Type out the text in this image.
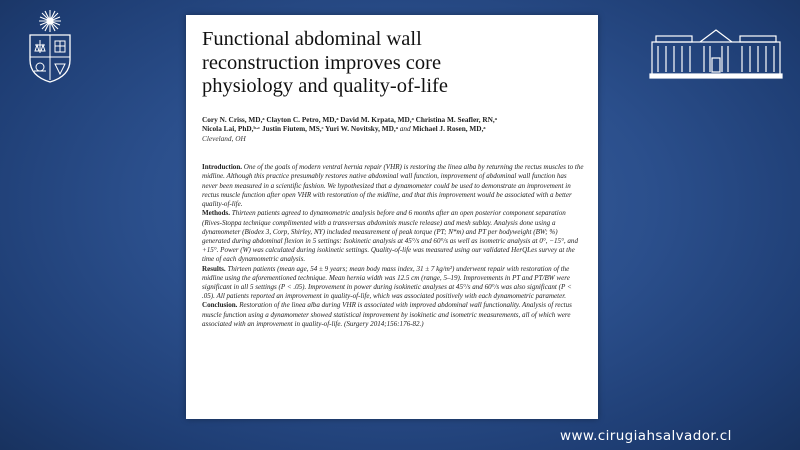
Functional abdominal wall reconstruction improves core physiology and quality-of-life
Cory N. Criss, MD,ᵃ Clayton C. Petro, MD,ᵃ David M. Krpata, MD,ᵃ Christina M. Seafler, RN,ᵃ
Nicola Lai, PhD,ᵇ·ᶜ Justin Fiutem, MS,ᶜ Yuri W. Novitsky, MD,ᵃ and Michael J. Rosen, MD,ᵃ
Cleveland, OH

Introduction. One of the goals of modern ventral hernia repair (VHR) is restoring the linea alba by returning the rectus muscles to the midline. Although this practice presumably restores native abdominal wall function, improvement of abdominal wall function has never been measured in a scientific fashion. We hypothesized that a dynamometer could be used to demonstrate an improvement in rectus muscle function after open VHR with restoration of the midline, and that this improvement would be associated with a better quality-of-life.

Methods. Thirteen patients agreed to dynamometric analysis before and 6 months after an open posterior component separation (Rives-Stoppa technique complimented with a transversus abdominis muscle release) and mesh sublay. Analysis done using a dynamometer (Biodex 3, Corp, Shirley, NY) included measurement of peak torque (PT; N*m) and PT per bodyweight (BW; %) generated during abdominal flexion in 5 settings: Isokinetic analysis at 45°/s and 60°/s as well as isometric analysis at 0°, −15°, and +15°. Power (W) was calculated during isokinetic settings. Quality-of-life was measured using our validated HerQLes survey at the time of each dynamometric analysis.

Results. Thirteen patients (mean age, 54 ± 9 years; mean body mass index, 31 ± 7 kg/m²) underwent repair with restoration of the midline using the aforementioned technique. Mean hernia width was 12.5 cm (range, 5–19). Improvements in PT and PT/BW were significant in all 5 settings (P < .05). Improvement in power during isokinetic analyses at 45°/s and 60°/s was also significant (P < .05). All patients reported an improvement in quality-of-life, which was associated positively with each dynamometric parameter.

Conclusion. Restoration of the linea alba during VHR is associated with improved abdominal wall functionality. Analysis of rectus muscle function using a dynamometer showed statistical improvement by isokinetic and isometric measurements, all of which were associated with an improvement in quality-of-life. (Surgery 2014;156:176-82.)

www.cirugiahsalvador.cl
